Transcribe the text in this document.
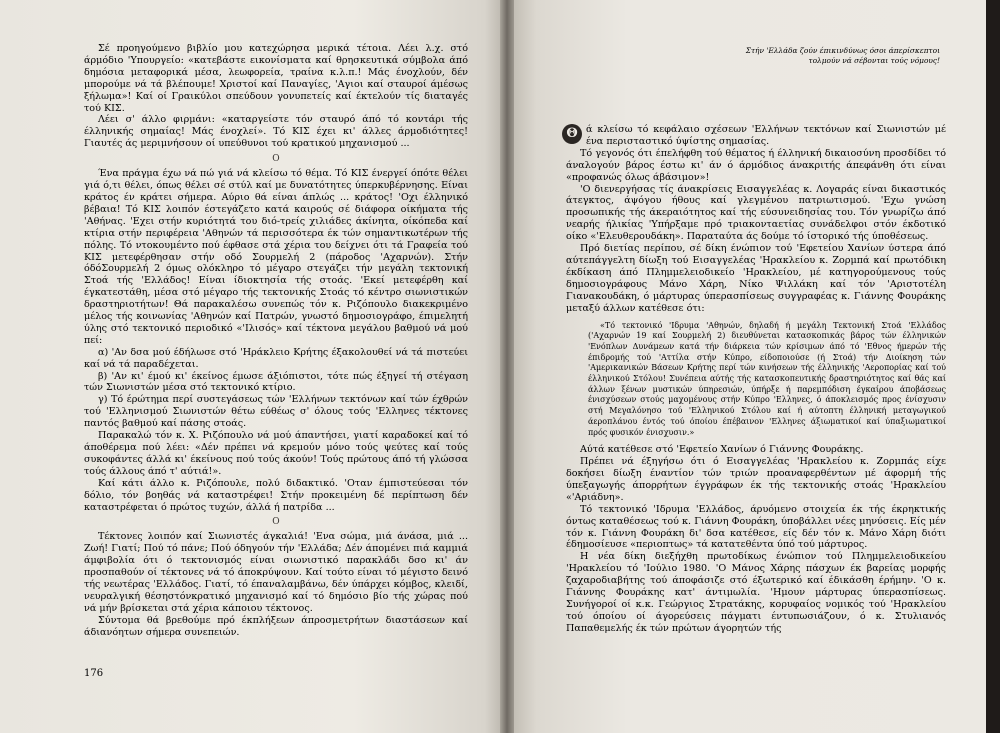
Σέ προηγούμενο βιβλίο μου κατεχώρησα μερικά τέτοια. Λέει λ.χ. στό άρμόδιο 'Υπουργείο: «κατεβάστε εικονίσματα καί θρησκευτικά σύμβολα άπό δημόσια μεταφορικά μέσα, λεωφορεία, τραίνα κ.λ.π.! Μάς ένοχλούν, δέν μπορούμε νά τά βλέπουμε! Χριστοί καί Παναγίες, 'Αγιοι καί σταυροί άμέσως ξήλωμα»! Καί οί Γραικύλοι σπεύδουν γονυπετείς καί έκτελούν τίς διαταγές τού ΚΙΣ.

Λέει σ' άλλο φιρμάνι: «καταργείστε τόν σταυρό άπό τό κοντάρι τής έλληνικής σημαίας! Μάς ένοχλεί». Τό ΚΙΣ έχει κι' άλλες άρμοδιότητες! Γιαυτές άς μεριμνήσουν οί υπεύθυνοι τού κρατικού μηχανισμού ...

O

Ένα πράγμα έχω νά πώ γιά νά κλείσω τό θέμα. Τό ΚΙΣ ένεργεί όπότε θέλει γιά ό,τι θέλει, όπως θέλει σέ στύλ καί με δυνατότητες ύπερκυβέρνησης. Είναι κράτος έν κράτει σήμερα. Αύριο θά είναι άπλώς ... κράτος! 'Οχι έλληνικό βέβαια! Τό ΚΙΣ λοιπόν έστεγάζετο κατά καιρούς σέ διάφορα οίκήματα τής 'Αθήνας. 'Εχει στήν κυριότητά του διό-τρείς χιλιάδες άκίνητα, οίκόπεδα καί κτίρια στήν περιφέρεια 'Αθηνών τά περισσότερα έκ τών σημαντικωτέρων τής πόλης. Τό ντοκουμέντο πού έφθασε στά χέρια του δείχνει ότι τά Γραφεία τού ΚΙΣ μετεφέρθησαν στήν οδό Σουρμελή 2 (πάροδος 'Αχαρνών). Στήν όδόΣουρμελή 2 όμως ολόκληρο τό μέγαρο στεγάζει τήν μεγάλη τεκτονική Στοά τής 'Ελλάδος! Είναι ίδιοκτησία τής στοάς. 'Εκεί μετεφέρθη καί έγκατεστάθη, μέσα στό μέγαρο τής τεκτονικής Στοάς τό κέντρο σιωνιστικών δραστηριοτήτων! Θά παρακαλέσω συνεπώς τόν κ. Ριζόπουλο διακεκριμένο μέλος τής κοινωνίας 'Αθηνών καί Πατρών, γνωστό δημοσιογράφο, έπιμελητή ύλης στό τεκτονικό περιοδικό «'Ιλισός» καί τέκτονα μεγάλου βαθμού νά μού πεί:

α) 'Αν δσα μού έδήλωσε στό 'Ηράκλειο Κρήτης έξακολουθεί νά τά πιστεύει καί νά τά παραδέχεται.

β) 'Αν κι' έμού κι' έκείνος έμωσε άξιόπιστοι, τότε πώς έξηγεί τή στέγαση τών Σιωνιστών μέσα στό τεκτονικό κτίριο.

γ) Τό έρώτημα περί συστεγάσεως τών 'Ελλήνων τεκτόνων καί τών έχθρών τού 'Ελληνισμού Σιωνιστών θέτω εύθέως σ' όλους τούς 'Ελληνες τέκτονες παντός βαθμού καί πάσης στοάς.

Παρακαλώ τόν κ. Χ. Ριζόπουλο νά μού άπαντήσει, γιατί καραδοκεί καί τό άποθέρεμα πού λέει: «Δέν πρέπει νά κρεμούν μόνο τούς ψεύτες καί τούς συκοφάντες άλλά κι' έκείνους πού τούς άκούν! Τούς πρώτους άπό τή γλώσσα τούς άλλους άπό τ' αύτιά!».

Καί κάτι άλλο κ. Ριζόπουλε, πολύ διδακτικό. 'Οταν έμπιστεύεσαι τόν δόλιο, τόν βοηθάς νά καταστρέφει! Στήν προκειμένη δέ περίπτωση δέν καταστρέφεται ό πρώτος τυχών, άλλά ή πατρίδα ...

O

Τέκτονες λοιπόν καί Σιωνιστές άγκαλιά! 'Ενα σώμα, μιά άνάσα, μιά ... Ζωή! Γιατί; Πού τό πάνε; Πού όδηγούν τήν 'Ελλάδα; Δέν άπομένει πιά καμμιά άμφιβολία ότι ό τεκτονισμός είναι σιωνιστικό παρακλάδι δσο κι' άν προσπαθούν οί τέκτονες νά τό άποκρύψουν. Καί τούτο είναι τό μέγιστο δεινό τής νεωτέρας 'Ελλάδος. Γιατί, τό έπαναλαμβάνω, δέν ύπάρχει κόμβος, κλειδί, νευραλγική θέσηστόνκρατικό μηχανισμό καί τό δημόσιο βίο τής χώρας πού νά μήν βρίσκεται στά χέρια κάποιου τέκτονος.

Σύντομα θά βρεθούμε πρό έκπλήξεων άπροσμετρήτων διαστάσεων καί άδιανόητων σήμερα συνεπειών.

176
Στήν 'Ελλάδα ζούν έπικινδύνως όσοι άπερίσκεπτοι
τολμούν νά σέβονται τούς νόμους!

Θ ά κλείσω τό κεφάλαιο σχέσεων 'Ελλήνων τεκτόνων καί Σιωνιστών μέ ένα περισταστικό ύψίστης σημασίας.

Τό γεγονός ότι έπελήφθη τού θέματος ή έλληνική δικαιοσύνη προσδίδει τό άναλογούν βάρος έστω κι' άν ό άρμόδιος άνακριτής άπεφάνθη ότι είναι «προφανώς όλως άβάσιμον»!

'Ο διενεργήσας τίς άνακρίσεις Εισαγγελέας κ. Λογαράς είναι δικαστικός άτεγκτος, άψόγου ήθους καί γλεγμένου πατριωτισμού. 'Εχω γνώση προσωπικής τής άκεραιότητος καί τής εύσυνειδησίας του. Τόν γνωρίζω άπό νεαρής ήλικίας 'Υπήρξαμε πρό τριακονταετίας συνάδελφοι στόν έκδοτικό οίκο «'Ελευθερουδάκη». Παραταύτα άς δούμε τό ίστορικό τής ύποθέσεως.

Πρό διετίας περίπου, σέ δίκη ένώπιον τού 'Εφετείου Χανίων ύστερα άπό αύτεπάγγελτη δίωξη τού Εισαγγελέας 'Ηρακλείου κ. Ζορμπά καί πρωτόδικη έκδίκαση άπό Πλημμελειοδικείο 'Ηρακλείου, μέ κατηγορούμενους τούς δημοσιογράφους Μάνο Χάρη, Νίκο Ψιλλάκη καί τόν 'Αριστοτέλη Γιανακουδάκη, ό μάρτυρας ύπερασπίσεως συγγραφέας κ. Γιάννης Φουράκης μεταξύ άλλων κατέθεσε ότι:

«Τό τεκτονικό 'Ιδρυμα 'Αθηνών, δηλαδή ή μεγάλη Τεκτονική Στοά 'Ελλάδος ('Αχαρνών 19 καί Σουρμελή 2) διευθύνεται κατασκοπικάς βάρος τών έλληνικών 'Ενόπλων Δυνάμεων κατά τήν διάρκεια τών κρίσιμων άπό τό 'Εθνος ήμερών τής έπιδρομής τού 'Αττίλα στήν Κύπρο, είδοποιούσε (ή Στοά) τήν Διοίκηση τών 'Αμερικανικών Βάσεων Κρήτης περί τών κινήσεων τής έλληνικής 'Αεροπορίας καί τού έλληνικού Στόλου! Συνέπεια αύτής τής κατασκοπευτικής δραστηριότητος καί θάς καί άλλων ξένων μυστικών ύπηρεσιών, ύπήρξε ή παρεμπόδιση έγκαίρου άποβάσεως ένισχύσεων στούς μαχομένους στήν Κύπρο 'Ελληνες, ό άποκλεισμός προς ένίσχυσιν στή Μεγαλόνησο τού 'Ελληνικού Στόλου καί ή αύτοπτη έλληνική μεταγωγικού άεροπλάνου έντός τού όποίου έπέβαινον 'Ελληνες άξιωματικοί καί ύπαξιωματικοί πρός φυσικόν ένισχυσιν.»

Αύτά κατέθεσε στό 'Εφετείο Χανίων ό Γιάννης Φουράκης.

Πρέπει νά έξηγήσω ότι ό Εισαγγελέας 'Ηρακλείου κ. Ζορμπάς είχε δοκήσει δίωξη έναντίον τών τριών προαναφερθέντων μέ άφορμή τής ύπεξαγωγής άπορρήτων έγγράφων έκ τής τεκτονικής στοάς 'Ηρακλείου «'Αριάδνη».

Τό τεκτονικό 'Ιδρυμα 'Ελλάδος, άρυόμενο στοιχεία έκ τής έκρηκτικής όντως καταθέσεως τού κ. Γιάννη Φουράκη, ύποβάλλει νέες μηνύσεις. Είς μέν τόν κ. Γιάννη Φουράκη δι' δσα κατέθεσε, είς δέν τόν κ. Μάνο Χάρη διότι έδημοσίευσε «περιοπτως» τά κατατεθέντα ύπό τού μάρτυρος.

Η νέα δίκη διεξήχθη πρωτοδίκως ένώπιον τού Πλημμελειοδικείου 'Ηρακλείου τό 'Ιούλιο 1980. 'Ο Μάνος Χάρης πάσχων έκ βαρείας μορφής ζαχαροδιαβήτης τού άποφάσιζε στό έξωτερικό καί έδικάσθη έρήμην. 'Ο κ. Γιάννης Φουράκης κατ' άντιμωλία. 'Ημουν μάρτυρας ύπερασπίσεως. Συνήγοροί οί κ.κ. Γεώργιος Στρατάκης, κορυφαίος νομικός τού 'Ηρακλείου τού όποίου οί άγορεύσεις πάγματι έντυπωσιάζουν, ό κ. Στυλιανός Παπαθεμελής έκ τών πρώτων άγορητών τής
